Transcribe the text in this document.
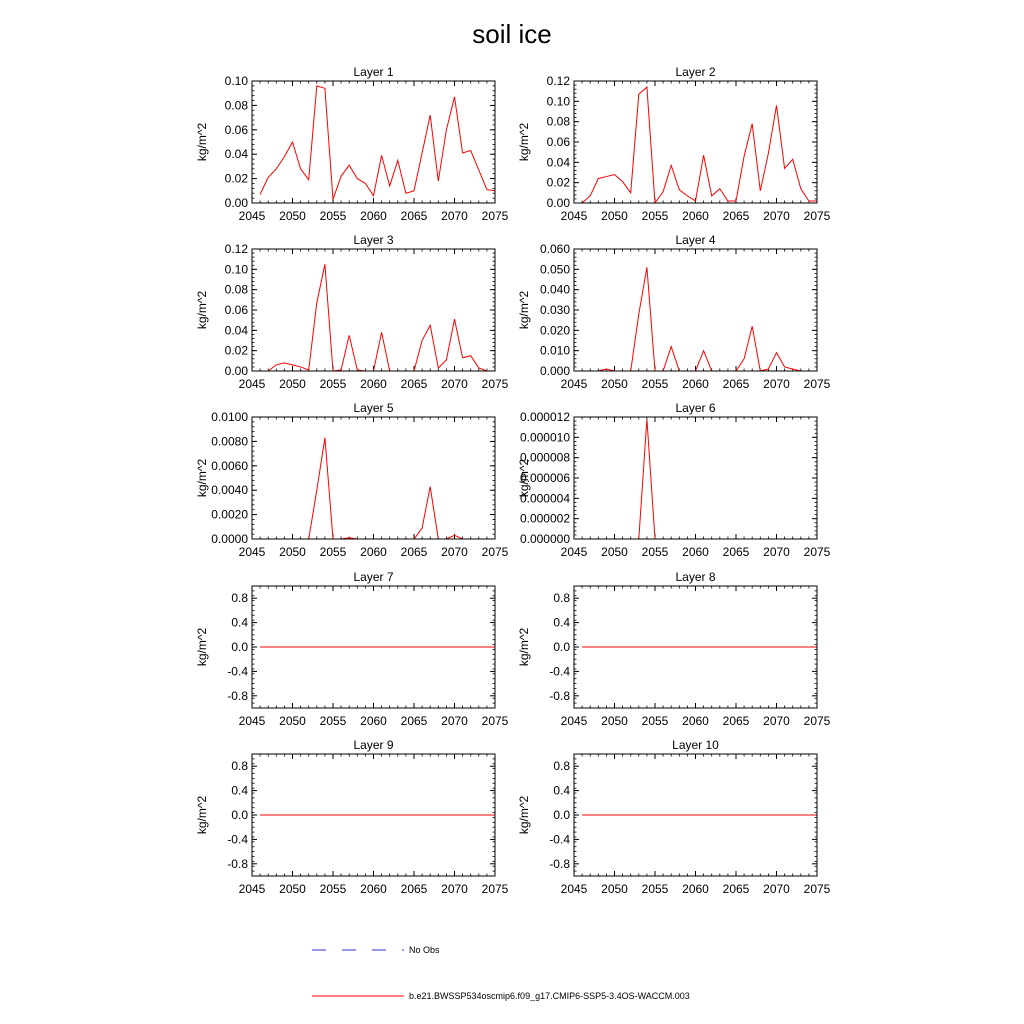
soil ice
Layer 1
kg/m^2
2045 2050 2055 2060 2065 2070 2075
0.00
0.02
0.04
0.06
0.08
0.10
Layer 2
kg/m^2
2045 2050 2055 2060 2065 2070 2075
0.00
0.02
0.04
0.06
0.08
0.10
0.12
Layer 3
kg/m^2
2045 2050 2055 2060 2065 2070 2075
0.00
0.02
0.04
0.06
0.08
0.10
0.12
Layer 4
kg/m^2
2045 2050 2055 2060 2065 2070 2075
0.000
0.010
0.020
0.030
0.040
0.050
0.060
Layer 5
kg/m^2
2045 2050 2055 2060 2065 2070 2075
0.0000
0.0020
0.0040
0.0060
0.0080
0.0100
Layer 6
kg/m^2
2045 2050 2055 2060 2065 2070 2075
0.000000
0.000002
0.000004
0.000006
0.000008
0.000010
0.000012
Layer 7
kg/m^2
2045 2050 2055 2060 2065 2070 2075
-0.8
-0.4
0.0
0.4
0.8
Layer 8
kg/m^2
2045 2050 2055 2060 2065 2070 2075
-0.8
-0.4
0.0
0.4
0.8
Layer 9
kg/m^2
2045 2050 2055 2060 2065 2070 2075
-0.8
-0.4
0.0
0.4
0.8
Layer 10
kg/m^2
2045 2050 2055 2060 2065 2070 2075
-0.8
-0.4
0.0
0.4
0.8
No Obs
b.e21.BWSSP534oscmip6.f09_g17.CMIP6-SSP5-3.4OS-WACCM.003
